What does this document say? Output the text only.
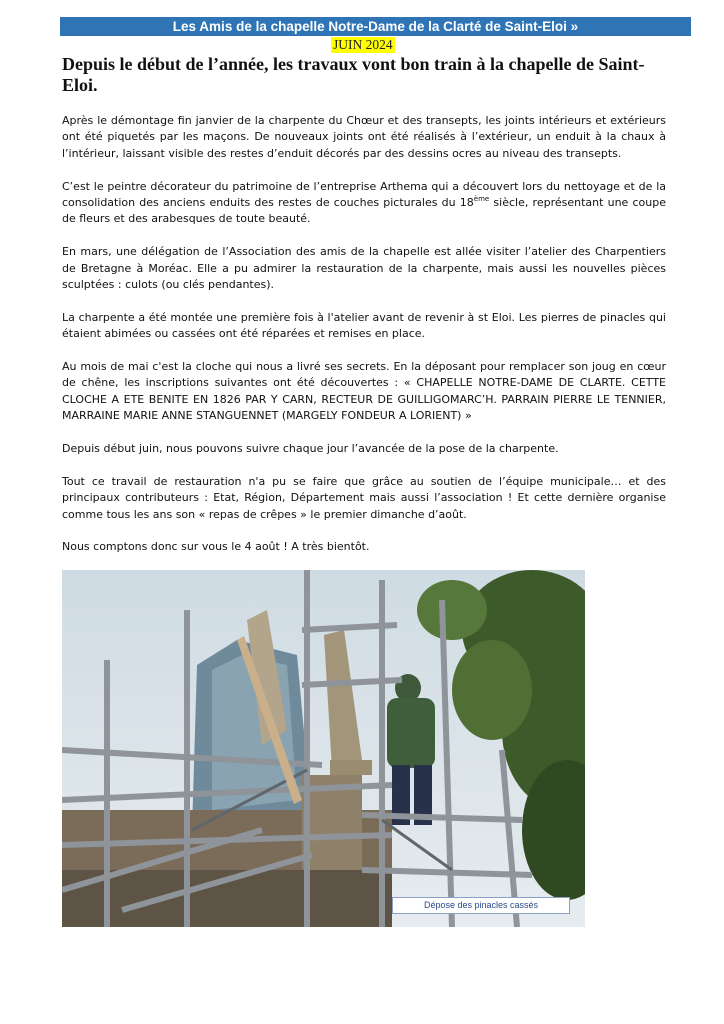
Les Amis de la chapelle Notre-Dame de la Clarté de Saint-Eloi »
JUIN 2024
Depuis le début de l’année, les travaux vont bon train à la chapelle de Saint-Eloi.

Après le démontage fin janvier de la charpente du Chœur et des transepts, les joints intérieurs et extérieurs ont été piquetés par les maçons. De nouveaux joints ont été réalisés à l’extérieur, un enduit à la chaux à l’intérieur, laissant visible des restes d’enduit décorés par des dessins ocres au niveau des transepts.

C’est le peintre décorateur du patrimoine de l’entreprise Arthema qui a découvert lors du nettoyage et de la consolidation des anciens enduits des restes de couches picturales du 18ème siècle, représentant une coupe de fleurs et des arabesques de toute beauté.

En mars, une délégation de l’Association des amis de la chapelle est allée visiter l’atelier des Charpentiers de Bretagne à Moréac. Elle a pu admirer la restauration de la charpente, mais aussi les nouvelles pièces sculptées : culots (ou clés pendantes).

La charpente a été montée une première fois à l'atelier avant de revenir à st Eloi. Les pierres de pinacles qui étaient abimées ou cassées ont été réparées et remises en place.

Au mois de mai c'est la cloche qui nous a livré ses secrets. En la déposant pour remplacer son joug en cœur de chêne, les inscriptions suivantes ont été découvertes : « CHAPELLE NOTRE-DAME DE CLARTE. CETTE CLOCHE A ETE BENITE EN 1826 PAR Y CARN, RECTEUR DE GUILLIGOMARC’H. PARRAIN PIERRE LE TENNIER, MARRAINE MARIE ANNE STANGUENNET (MARGELY FONDEUR A LORIENT) »

Depuis début juin, nous pouvons suivre chaque jour l’avancée de la pose de la charpente.

Tout ce travail de restauration n'a pu se faire que grâce au soutien de l’équipe municipale… et des principaux contributeurs : Etat, Région, Département mais aussi l’association ! Et cette dernière organise comme tous les ans son « repas de crêpes » le premier dimanche d’août.

Nous comptons donc sur vous le 4 août ! A très bientôt.

Dépose des pinacles cassés
